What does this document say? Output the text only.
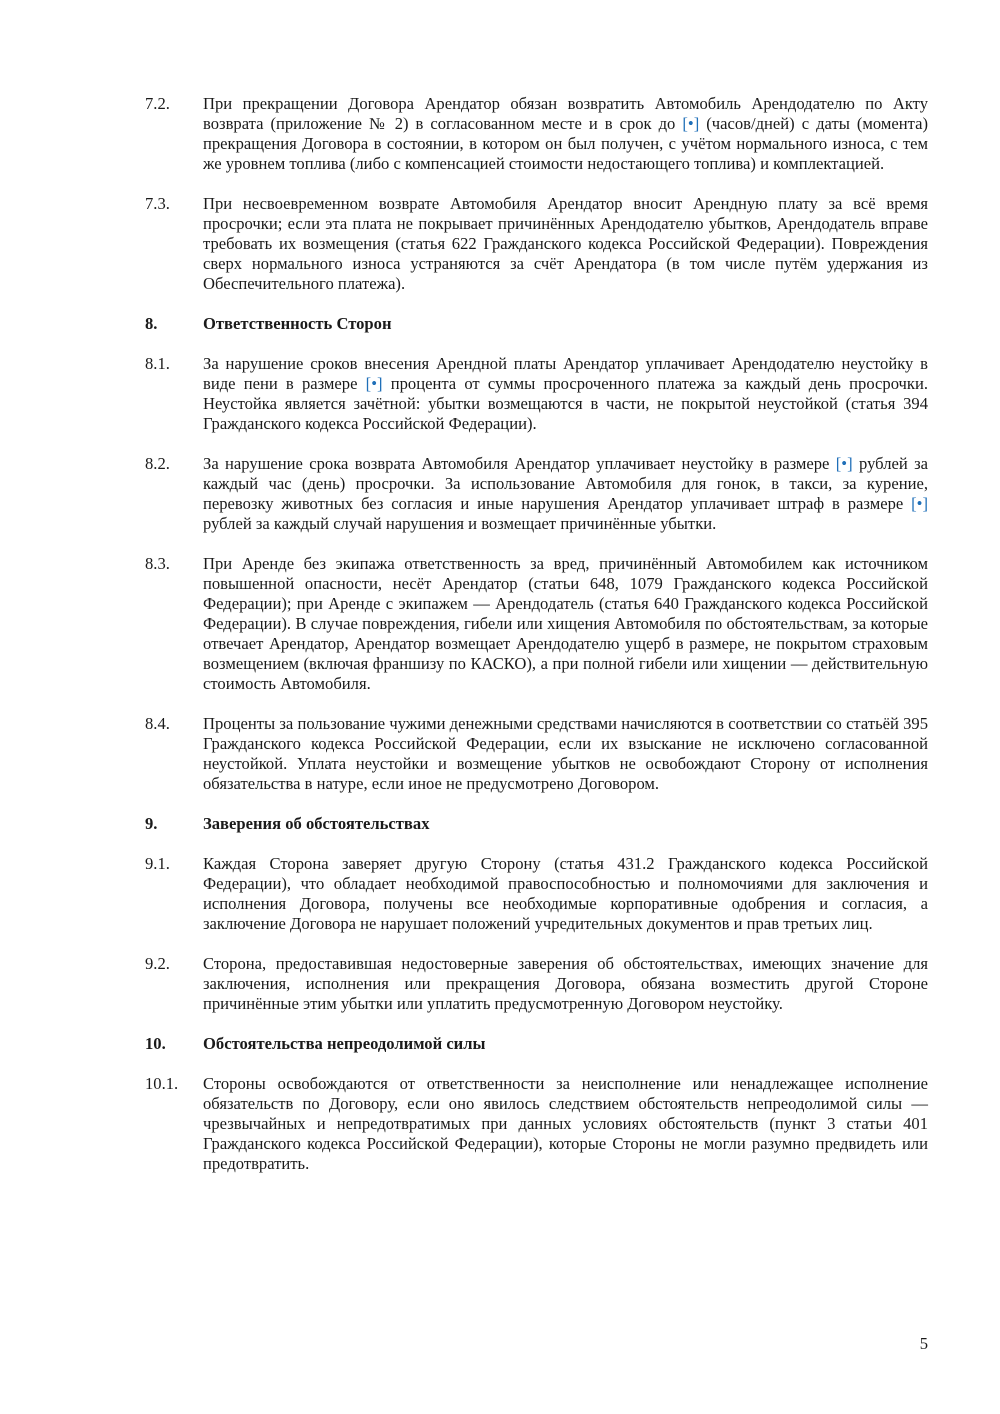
7.2.	При прекращении Договора Арендатор обязан возвратить Автомобиль Арендодателю по Акту возврата (приложение № 2) в согласованном месте и в срок до [•] (часов/дней) с даты (момента) прекращения Договора в состоянии, в котором он был получен, с учётом нормального износа, с тем же уровнем топлива (либо с компенсацией стоимости недостающего топлива) и комплектацией.
7.3.	При несвоевременном возврате Автомобиля Арендатор вносит Арендную плату за всё время просрочки; если эта плата не покрывает причинённых Арендодателю убытков, Арендодатель вправе требовать их возмещения (статья 622 Гражданского кодекса Российской Федерации). Повреждения сверх нормального износа устраняются за счёт Арендатора (в том числе путём удержания из Обеспечительного платежа).
8.	Ответственность Сторон
8.1.	За нарушение сроков внесения Арендной платы Арендатор уплачивает Арендодателю неустойку в виде пени в размере [•] процента от суммы просроченного платежа за каждый день просрочки. Неустойка является зачётной: убытки возмещаются в части, не покрытой неустойкой (статья 394 Гражданского кодекса Российской Федерации).
8.2.	За нарушение срока возврата Автомобиля Арендатор уплачивает неустойку в размере [•] рублей за каждый час (день) просрочки. За использование Автомобиля для гонок, в такси, за курение, перевозку животных без согласия и иные нарушения Арендатор уплачивает штраф в размере [•] рублей за каждый случай нарушения и возмещает причинённые убытки.
8.3.	При Аренде без экипажа ответственность за вред, причинённый Автомобилем как источником повышенной опасности, несёт Арендатор (статьи 648, 1079 Гражданского кодекса Российской Федерации); при Аренде с экипажем — Арендодатель (статья 640 Гражданского кодекса Российской Федерации). В случае повреждения, гибели или хищения Автомобиля по обстоятельствам, за которые отвечает Арендатор, Арендатор возмещает Арендодателю ущерб в размере, не покрытом страховым возмещением (включая франшизу по КАСКО), а при полной гибели или хищении — действительную стоимость Автомобиля.
8.4.	Проценты за пользование чужими денежными средствами начисляются в соответствии со статьёй 395 Гражданского кодекса Российской Федерации, если их взыскание не исключено согласованной неустойкой. Уплата неустойки и возмещение убытков не освобождают Сторону от исполнения обязательства в натуре, если иное не предусмотрено Договором.
9.	Заверения об обстоятельствах
9.1.	Каждая Сторона заверяет другую Сторону (статья 431.2 Гражданского кодекса Российской Федерации), что обладает необходимой правоспособностью и полномочиями для заключения и исполнения Договора, получены все необходимые корпоративные одобрения и согласия, а заключение Договора не нарушает положений учредительных документов и прав третьих лиц.
9.2.	Сторона, предоставившая недостоверные заверения об обстоятельствах, имеющих значение для заключения, исполнения или прекращения Договора, обязана возместить другой Стороне причинённые этим убытки или уплатить предусмотренную Договором неустойку.
10.	Обстоятельства непреодолимой силы
10.1.	Стороны освобождаются от ответственности за неисполнение или ненадлежащее исполнение обязательств по Договору, если оно явилось следствием обстоятельств непреодолимой силы — чрезвычайных и непредотвратимых при данных условиях обстоятельств (пункт 3 статьи 401 Гражданского кодекса Российской Федерации), которые Стороны не могли разумно предвидеть или предотвратить.
5
